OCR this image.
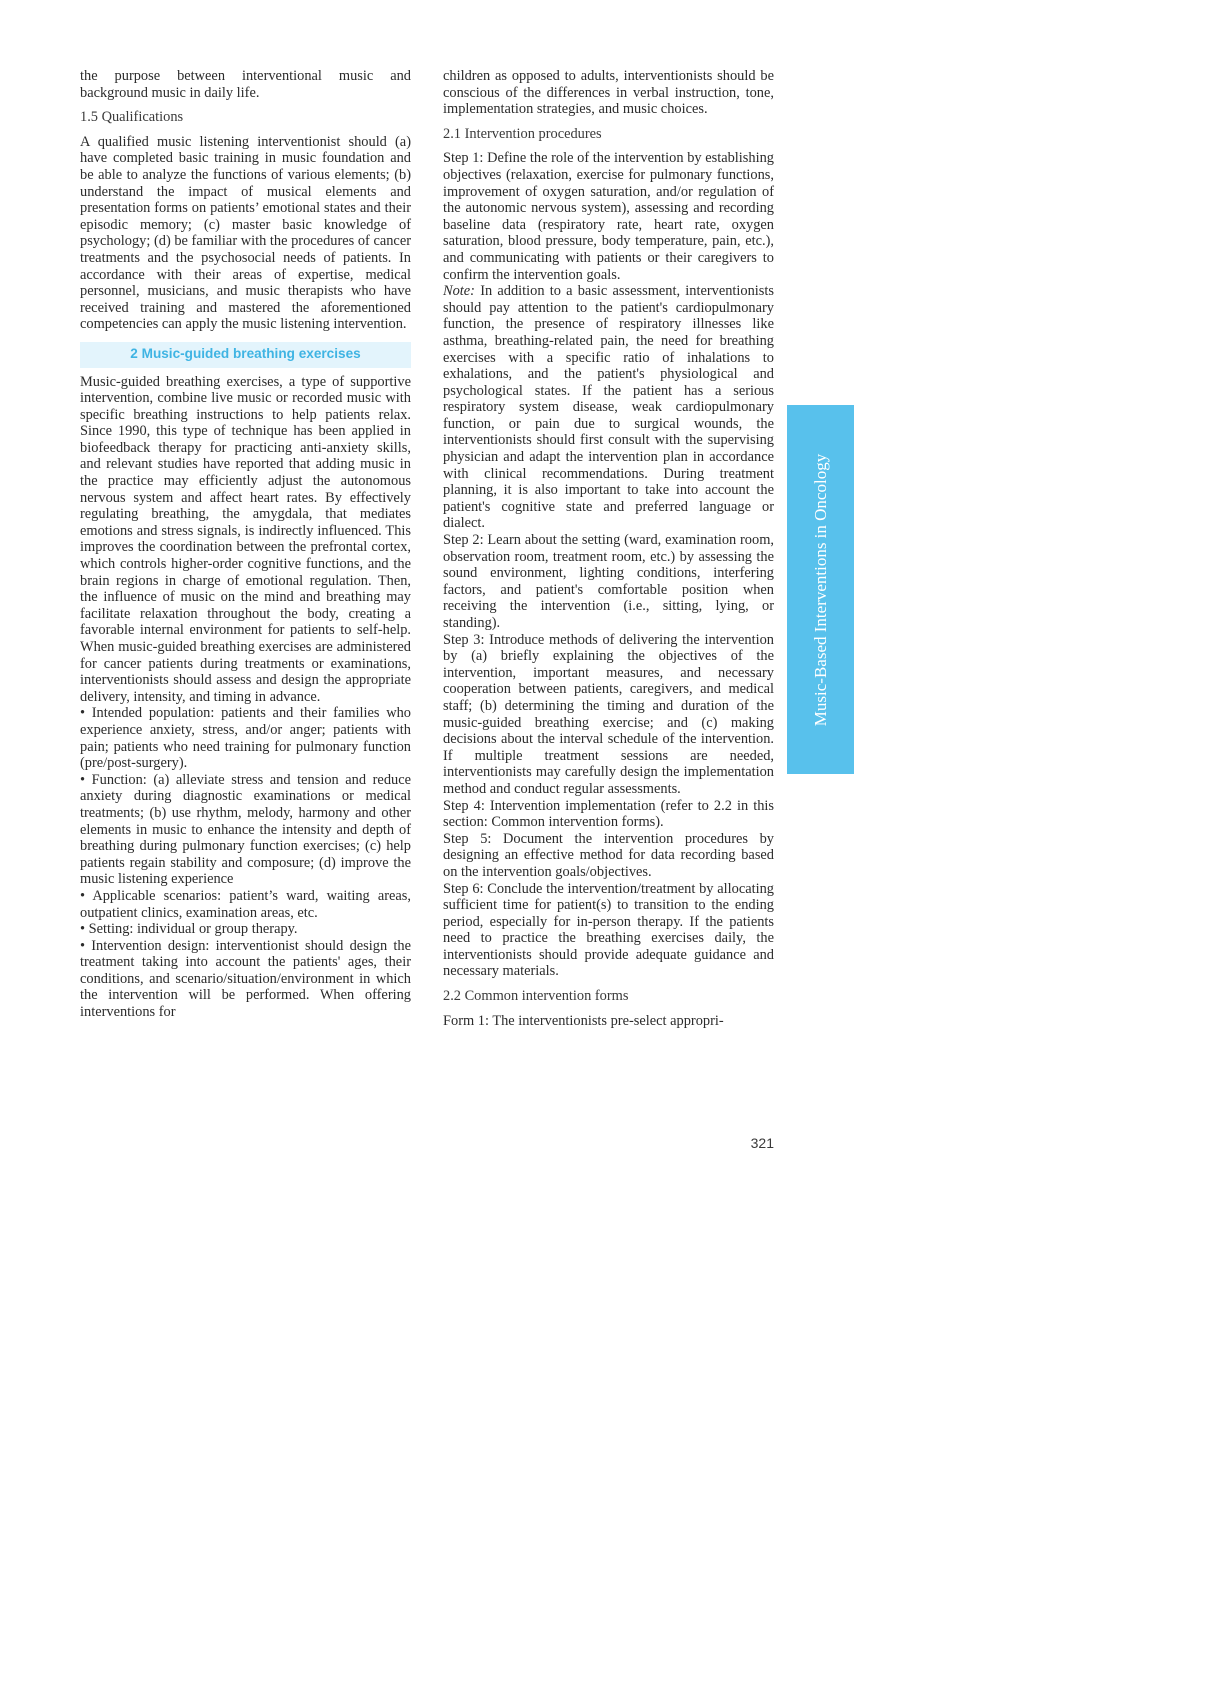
the purpose between interventional music and background music in daily life.

1.5 Qualifications

A qualified music listening interventionist should (a) have completed basic training in music foundation and be able to analyze the functions of various elements; (b) understand the impact of musical elements and presentation forms on patients’ emotional states and their episodic memory; (c) master basic knowledge of psychology; (d) be familiar with the procedures of cancer treatments and the psychosocial needs of patients. In accordance with their areas of expertise, medical personnel, musicians, and music therapists who have received training and mastered the aforementioned competencies can apply the music listening intervention.

2 Music-guided breathing exercises

Music-guided breathing exercises, a type of supportive intervention, combine live music or recorded music with specific breathing instructions to help patients relax. Since 1990, this type of technique has been applied in biofeedback therapy for practicing anti-anxiety skills, and relevant studies have reported that adding music in the practice may efficiently adjust the autonomous nervous system and affect heart rates. By effectively regulating breathing, the amygdala, that mediates emotions and stress signals, is indirectly influenced. This improves the coordination between the prefrontal cortex, which controls higher-order cognitive functions, and the brain regions in charge of emotional regulation. Then, the influence of music on the mind and breathing may facilitate relaxation throughout the body, creating a favorable internal environment for patients to self-help. When music-guided breathing exercises are administered for cancer patients during treatments or examinations, interventionists should assess and design the appropriate delivery, intensity, and timing in advance.

• Intended population: patients and their families who experience anxiety, stress, and/or anger; patients with pain; patients who need training for pulmonary function (pre/post-surgery).

• Function: (a) alleviate stress and tension and reduce anxiety during diagnostic examinations or medical treatments; (b) use rhythm, melody, harmony and other elements in music to enhance the intensity and depth of breathing during pulmonary function exercises; (c) help patients regain stability and composure; (d) improve the music listening experience

• Applicable scenarios: patient’s ward, waiting areas, outpatient clinics, examination areas, etc.

• Setting: individual or group therapy.

• Intervention design: interventionist should design the treatment taking into account the patients' ages, their conditions, and scenario/situation/environment in which the intervention will be performed. When offering interventions for

children as opposed to adults, interventionists should be conscious of the differences in verbal instruction, tone, implementation strategies, and music choices.

2.1 Intervention procedures

Step 1: Define the role of the intervention by establishing objectives (relaxation, exercise for pulmonary functions, improvement of oxygen saturation, and/or regulation of the autonomic nervous system), assessing and recording baseline data (respiratory rate, heart rate, oxygen saturation, blood pressure, body temperature, pain, etc.), and communicating with patients or their caregivers to confirm the intervention goals.

Note: In addition to a basic assessment, interventionists should pay attention to the patient's cardiopulmonary function, the presence of respiratory illnesses like asthma, breathing-related pain, the need for breathing exercises with a specific ratio of inhalations to exhalations, and the patient's physiological and psychological states. If the patient has a serious respiratory system disease, weak cardiopulmonary function, or pain due to surgical wounds, the interventionists should first consult with the supervising physician and adapt the intervention plan in accordance with clinical recommendations. During treatment planning, it is also important to take into account the patient's cognitive state and preferred language or dialect.

Step 2: Learn about the setting (ward, examination room, observation room, treatment room, etc.) by assessing the sound environment, lighting conditions, interfering factors, and patient's comfortable position when receiving the intervention (i.e., sitting, lying, or standing).

Step 3: Introduce methods of delivering the intervention by (a) briefly explaining the objectives of the intervention, important measures, and necessary cooperation between patients, caregivers, and medical staff; (b) determining the timing and duration of the music-guided breathing exercise; and (c) making decisions about the interval schedule of the intervention. If multiple treatment sessions are needed, interventionists may carefully design the implementation method and conduct regular assessments.

Step 4: Intervention implementation (refer to 2.2 in this section: Common intervention forms).

Step 5: Document the intervention procedures by designing an effective method for data recording based on the intervention goals/objectives.

Step 6: Conclude the intervention/treatment by allocating sufficient time for patient(s) to transition to the ending period, especially for in-person therapy. If the patients need to practice the breathing exercises daily, the interventionists should provide adequate guidance and necessary materials.

2.2 Common intervention forms

Form 1: The interventionists pre-select appropri-

Music-Based Interventions in Oncology
321
